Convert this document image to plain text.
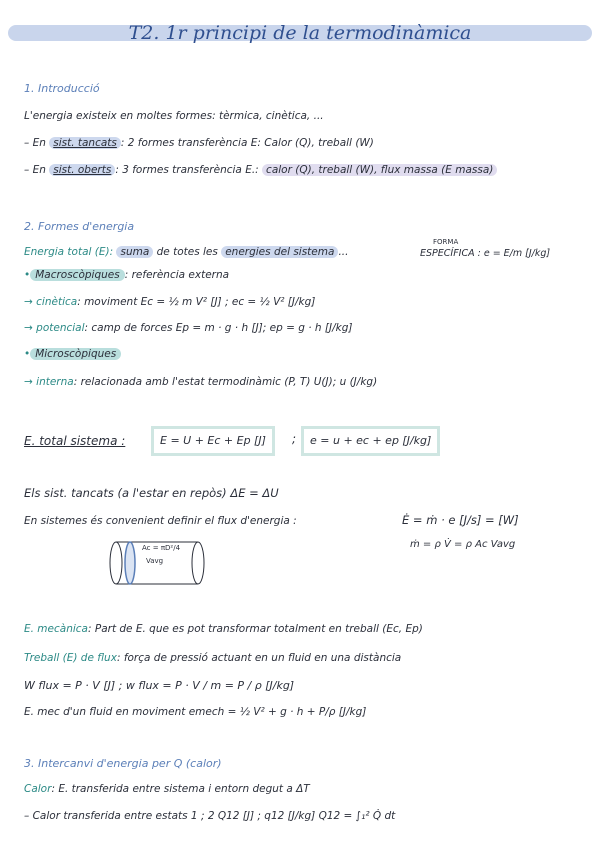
T2. 1r principi de la termodinàmica
1. Introducció
L'energia existeix en moltes formes: tèrmica, cinètica, ...
– En sist. tancats : 2 formes transferència E: Calor (Q), treball (W)
– En sist. oberts : 3 formes transferència E.: calor (Q), treball (W), flux massa (E massa)
2. Formes d'energia
FORMA
Energia total (E): suma de totes les energies del sistema ...	ESPECÍFICA : e = E/m [J/kg]
• Macroscòpiques : referència externa
→ cinètica: moviment Ec = ½ m V² [J] ; ec = ½ V² [J/kg]
→ potencial: camp de forces Ep = m · g · h [J]; ep = g · h [J/kg]
• Microscòpiques
→ interna: relacionada amb l'estat termodinàmic (P, T) U(J); u (J/kg)
E. total sistema :	E = U + Ec + Ep [J]	;	e = u + ec + ep [J/kg]
Els sist. tancats (a l'estar en repòs) ΔE = ΔU
En sistemes és convenient definir el flux d'energia :	Ė = ṁ · e [J/s] = [W]
ṁ = ρ V̇ = ρ Ac Vavg
Ac = πD²/4
Vavg
E. mecànica: Part de E. que es pot transformar totalment en treball (Ec, Ep)
Treball (E) de flux: força de pressió actuant en un fluid en una distància
W flux = P · V [J] ; w flux = P · V / m = P / ρ [J/kg]
E. mec d'un fluid en moviment emech = ½ V² + g · h + P/ρ [J/kg]
3. Intercanvi d'energia per Q (calor)
Calor: E. transferida entre sistema i entorn degut a ΔT
– Calor transferida entre estats 1 ; 2 Q12 [J] ; q12 [J/kg] Q12 = ∫₁² Q̇ dt
